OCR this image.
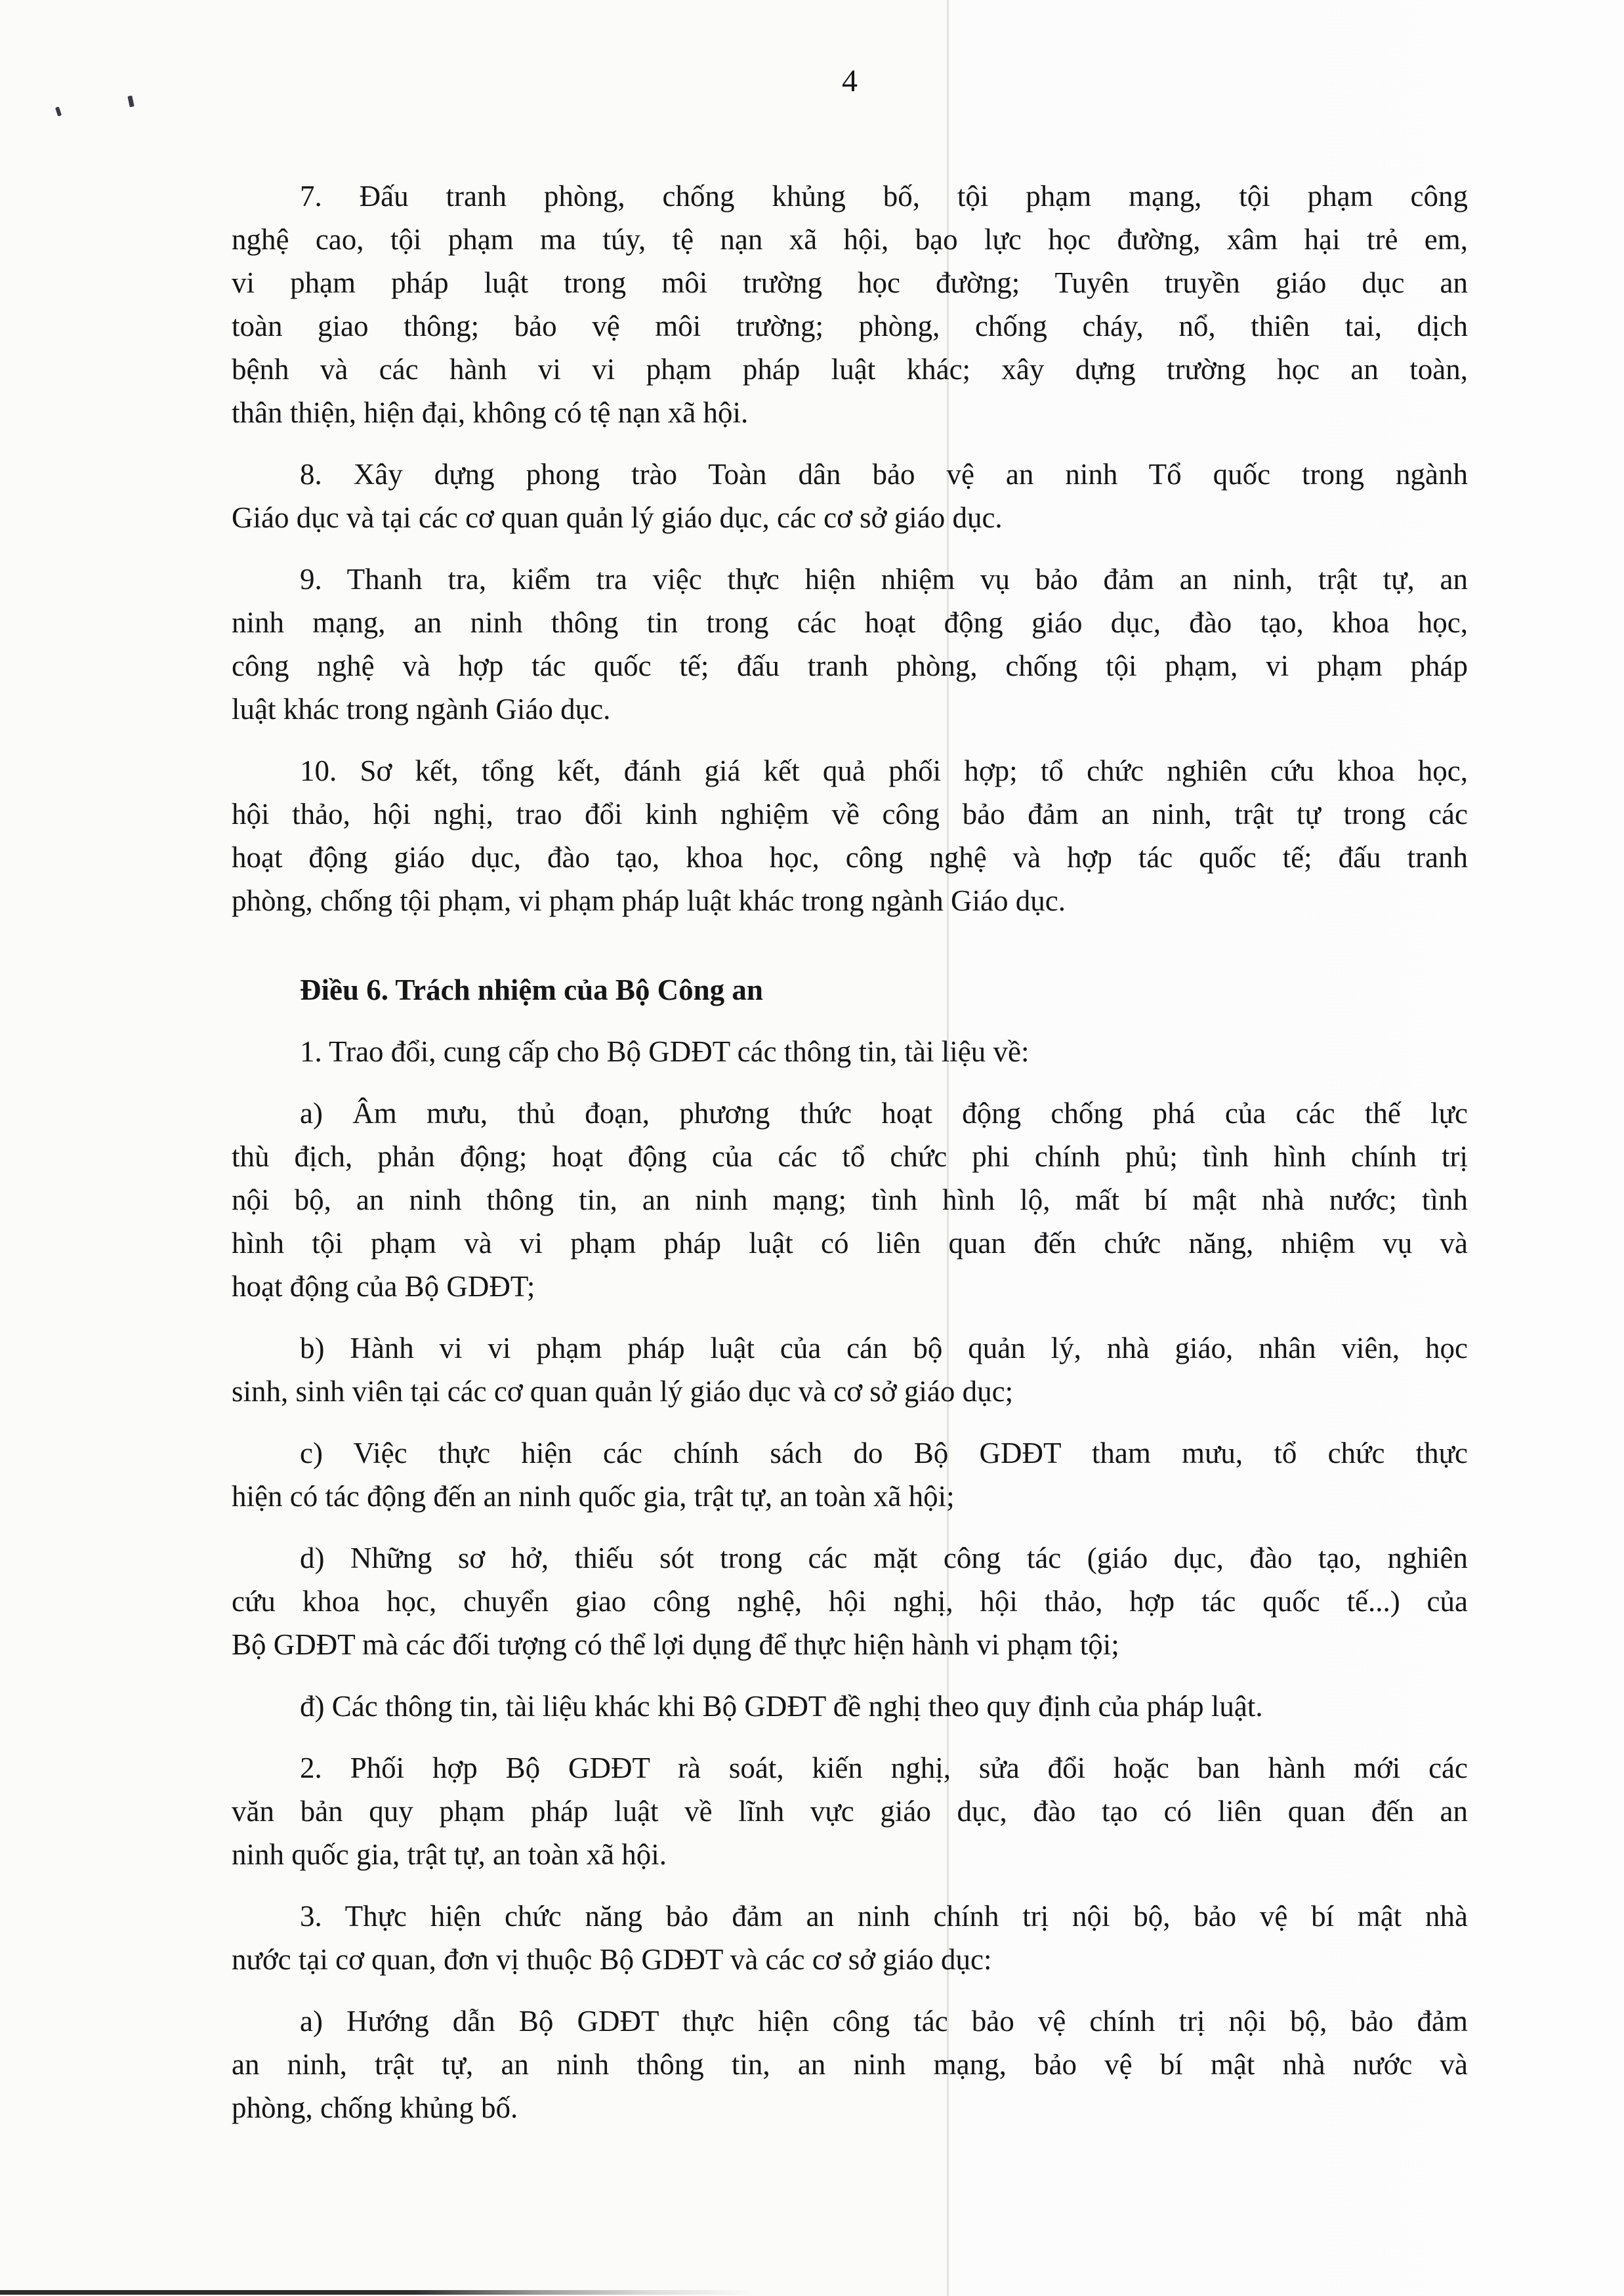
4
7. Đấu tranh phòng, chống khủng bố, tội phạm mạng, tội phạm công
nghệ cao, tội phạm ma túy, tệ nạn xã hội, bạo lực học đường, xâm hại trẻ em,
vi phạm pháp luật trong môi trường học đường; Tuyên truyền giáo dục an
toàn giao thông; bảo vệ môi trường; phòng, chống cháy, nổ, thiên tai, dịch
bệnh và các hành vi vi phạm pháp luật khác; xây dựng trường học an toàn,
thân thiện, hiện đại, không có tệ nạn xã hội.
8. Xây dựng phong trào Toàn dân bảo vệ an ninh Tổ quốc trong ngành
Giáo dục và tại các cơ quan quản lý giáo dục, các cơ sở giáo dục.
9. Thanh tra, kiểm tra việc thực hiện nhiệm vụ bảo đảm an ninh, trật tự, an
ninh mạng, an ninh thông tin trong các hoạt động giáo dục, đào tạo, khoa học,
công nghệ và hợp tác quốc tế; đấu tranh phòng, chống tội phạm, vi phạm pháp
luật khác trong ngành Giáo dục.
10. Sơ kết, tổng kết, đánh giá kết quả phối hợp; tổ chức nghiên cứu khoa học,
hội thảo, hội nghị, trao đổi kinh nghiệm về công bảo đảm an ninh, trật tự trong các
hoạt động giáo dục, đào tạo, khoa học, công nghệ và hợp tác quốc tế; đấu tranh
phòng, chống tội phạm, vi phạm pháp luật khác trong ngành Giáo dục.
Điều 6. Trách nhiệm của Bộ Công an
1. Trao đổi, cung cấp cho Bộ GDĐT các thông tin, tài liệu về:
a) Âm mưu, thủ đoạn, phương thức hoạt động chống phá của các thế lực
thù địch, phản động; hoạt động của các tổ chức phi chính phủ; tình hình chính trị
nội bộ, an ninh thông tin, an ninh mạng; tình hình lộ, mất bí mật nhà nước; tình
hình tội phạm và vi phạm pháp luật có liên quan đến chức năng, nhiệm vụ và
hoạt động của Bộ GDĐT;
b) Hành vi vi phạm pháp luật của cán bộ quản lý, nhà giáo, nhân viên, học
sinh, sinh viên tại các cơ quan quản lý giáo dục và cơ sở giáo dục;
c) Việc thực hiện các chính sách do Bộ GDĐT tham mưu, tổ chức thực
hiện có tác động đến an ninh quốc gia, trật tự, an toàn xã hội;
d) Những sơ hở, thiếu sót trong các mặt công tác (giáo dục, đào tạo, nghiên
cứu khoa học, chuyển giao công nghệ, hội nghị, hội thảo, hợp tác quốc tế...) của
Bộ GDĐT mà các đối tượng có thể lợi dụng để thực hiện hành vi phạm tội;
đ) Các thông tin, tài liệu khác khi Bộ GDĐT đề nghị theo quy định của pháp luật.
2. Phối hợp Bộ GDĐT rà soát, kiến nghị, sửa đổi hoặc ban hành mới các
văn bản quy phạm pháp luật về lĩnh vực giáo dục, đào tạo có liên quan đến an
ninh quốc gia, trật tự, an toàn xã hội.
3. Thực hiện chức năng bảo đảm an ninh chính trị nội bộ, bảo vệ bí mật nhà
nước tại cơ quan, đơn vị thuộc Bộ GDĐT và các cơ sở giáo dục:
a) Hướng dẫn Bộ GDĐT thực hiện công tác bảo vệ chính trị nội bộ, bảo đảm
an ninh, trật tự, an ninh thông tin, an ninh mạng, bảo vệ bí mật nhà nước và
phòng, chống khủng bố.
